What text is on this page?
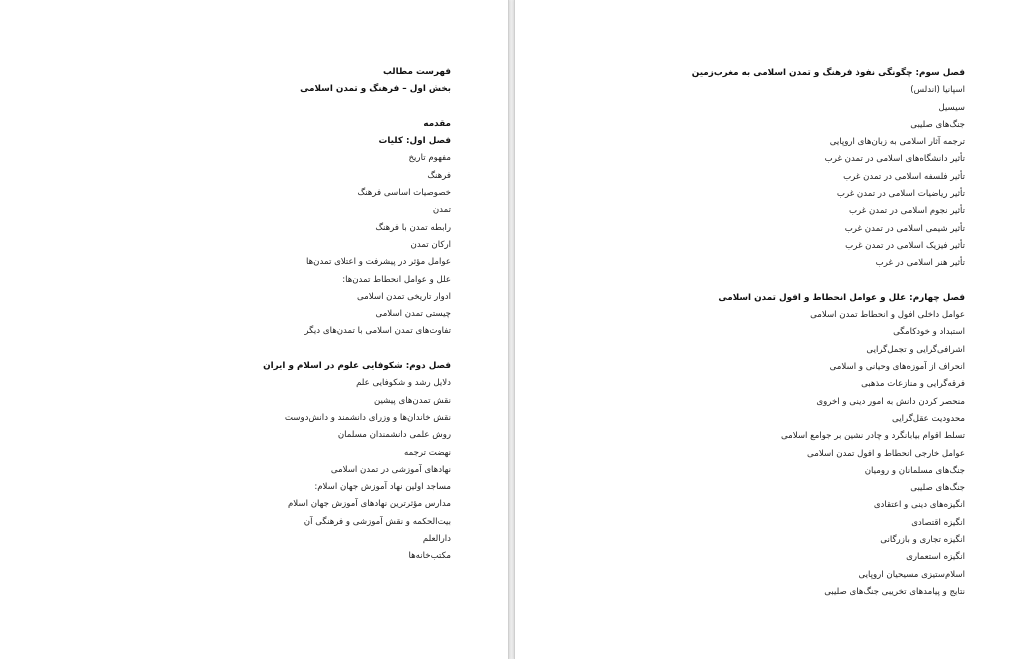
فهرست مطالب
بخش اول – فرهنگ و تمدن اسلامی
مقدمه
فصل اول: کلیات
مفهوم تاریخ
فرهنگ
خصوصیات اساسی فرهنگ
تمدن
رابطه تمدن با فرهنگ
ارکان تمدن
عوامل مؤثر در پیشرفت و اعتلای تمدن‌ها
علل و عوامل انحطاط تمدن‌ها:
ادوار تاریخی تمدن اسلامی
چیستی تمدن اسلامی
تفاوت‌های تمدن اسلامی با تمدن‌های دیگر
فصل دوم: شکوفایی علوم در اسلام و ایران
دلایل رشد و شکوفایی علم
نقش تمدن‌های پیشین
نقش خاندان‌ها و وزرای دانشمند و دانش‌دوست
روش علمی دانشمندان مسلمان
نهضت ترجمه
نهادهای آموزشی در تمدن اسلامی
مساجد اولین نهاد آموزش جهان اسلام:
مدارس مؤثرترین نهادهای آموزش جهان اسلام
بیت‌الحکمه و نقش آموزشی و فرهنگی آن
دارالعلم
مکتب‌خانه‌ها
فصل سوم: چگونگی نفوذ فرهنگ و تمدن اسلامی به مغرب‌زمین
اسپانیا (اندلس)
سیسیل
جنگ‌های صلیبی
ترجمه آثار اسلامی به زبان‌های اروپایی
تأثیر دانشگاه‌های اسلامی در تمدن غرب
تأثیر فلسفه اسلامی در تمدن غرب
تأثیر ریاضیات اسلامی در تمدن غرب
تأثیر نجوم اسلامی در تمدن غرب
تأثیر شیمی اسلامی در تمدن غرب
تأثیر فیزیک اسلامی در تمدن غرب
تأثیر هنر اسلامی در غرب
فصل چهارم: علل و عوامل انحطاط و افول تمدن اسلامی
عوامل داخلی افول و انحطاط تمدن اسلامی
استبداد و خودکامگی
اشرافی‌گرایی و تجمل‌گرایی
انحراف از آموزه‌های وحیانی و اسلامی
فرقه‌گرایی و منازعات مذهبی
منحصر کردن دانش به امور دینی و اخروی
محدودیت عقل‌گرایی
تسلط اقوام بیابانگرد و چادر نشین بر جوامع اسلامی
عوامل خارجی انحطاط و افول تمدن اسلامی
جنگ‌های مسلمانان و رومیان
جنگ‌های صلیبی
انگیزه‌های دینی و اعتقادی
انگیزه اقتصادی
انگیزه تجاری و بازرگانی
انگیزه استعماری
اسلام‌ستیزی مسیحیان اروپایی
نتایج و پیامدهای تخریبی جنگ‌های صلیبی
